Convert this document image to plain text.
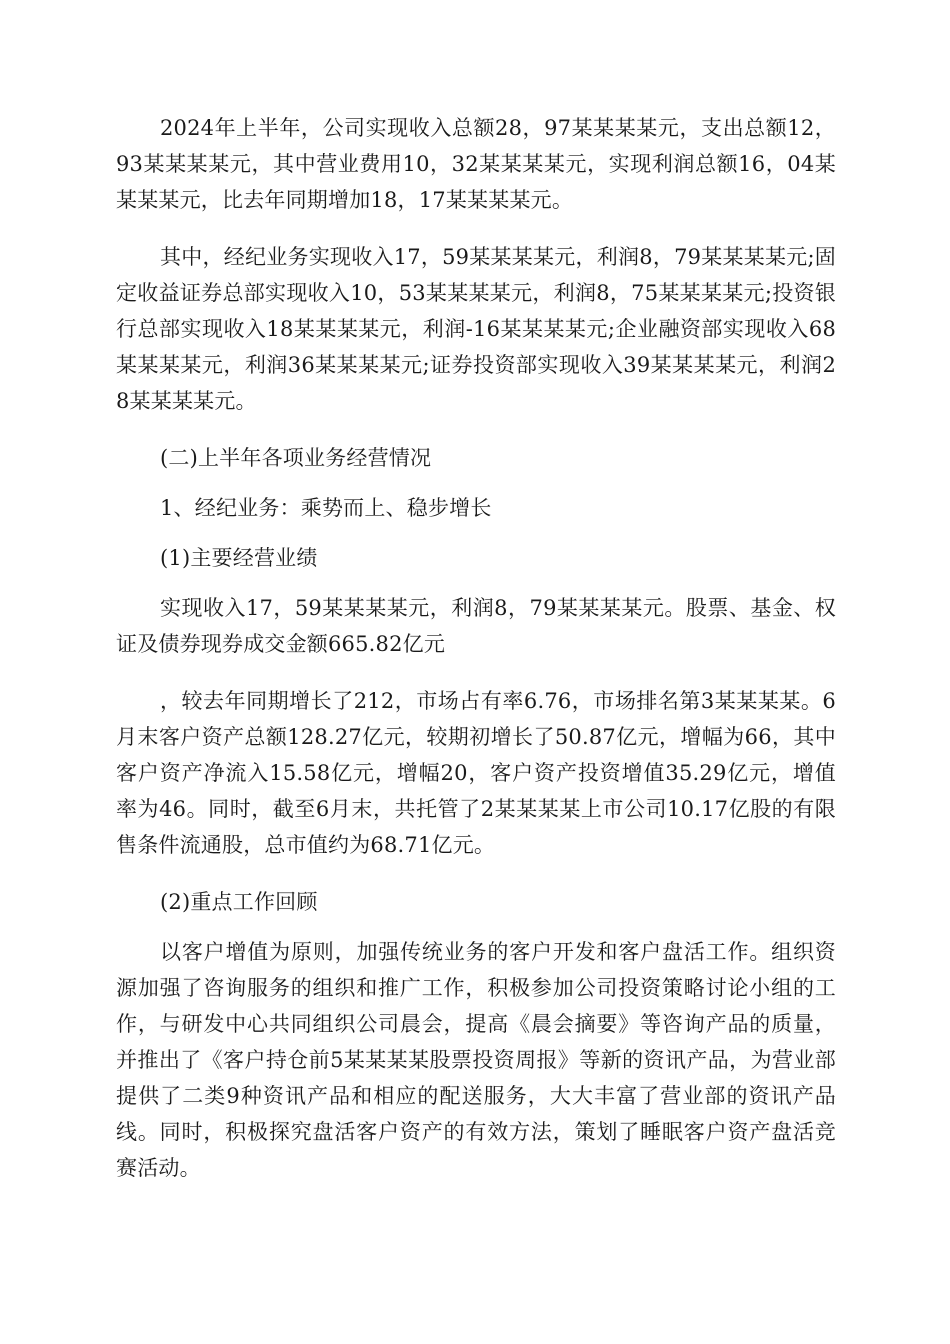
2024年上半年，公司实现收入总额28，97某某某某元，支出总额12，93某某某某元，其中营业费用10，32某某某某元，实现利润总额16，04某某某某元，比去年同期增加18，17某某某某元。

其中，经纪业务实现收入17，59某某某某元，利润8，79某某某某元;固定收益证券总部实现收入10，53某某某某元，利润8，75某某某某元;投资银行总部实现收入18某某某某元，利润-16某某某某元;企业融资部实现收入68某某某某元，利润36某某某某元;证券投资部实现收入39某某某某元，利润28某某某某元。

(二)上半年各项业务经营情况

1、经纪业务：乘势而上、稳步增长

(1)主要经营业绩

实现收入17，59某某某某元，利润8，79某某某某元。股票、基金、权证及债券现券成交金额665.82亿元

，较去年同期增长了212，市场占有率6.76，市场排名第3某某某某。6月末客户资产总额128.27亿元，较期初增长了50.87亿元，增幅为66，其中客户资产净流入15.58亿元，增幅20，客户资产投资增值35.29亿元，增值率为46。同时，截至6月末，共托管了2某某某某上市公司10.17亿股的有限售条件流通股，总市值约为68.71亿元。

(2)重点工作回顾

以客户增值为原则，加强传统业务的客户开发和客户盘活工作。组织资源加强了咨询服务的组织和推广工作，积极参加公司投资策略讨论小组的工作，与研发中心共同组织公司晨会，提高《晨会摘要》等咨询产品的质量，并推出了《客户持仓前5某某某某股票投资周报》等新的资讯产品，为营业部提供了二类9种资讯产品和相应的配送服务，大大丰富了营业部的资讯产品线。同时，积极探究盘活客户资产的有效方法，策划了睡眠客户资产盘活竞赛活动。
